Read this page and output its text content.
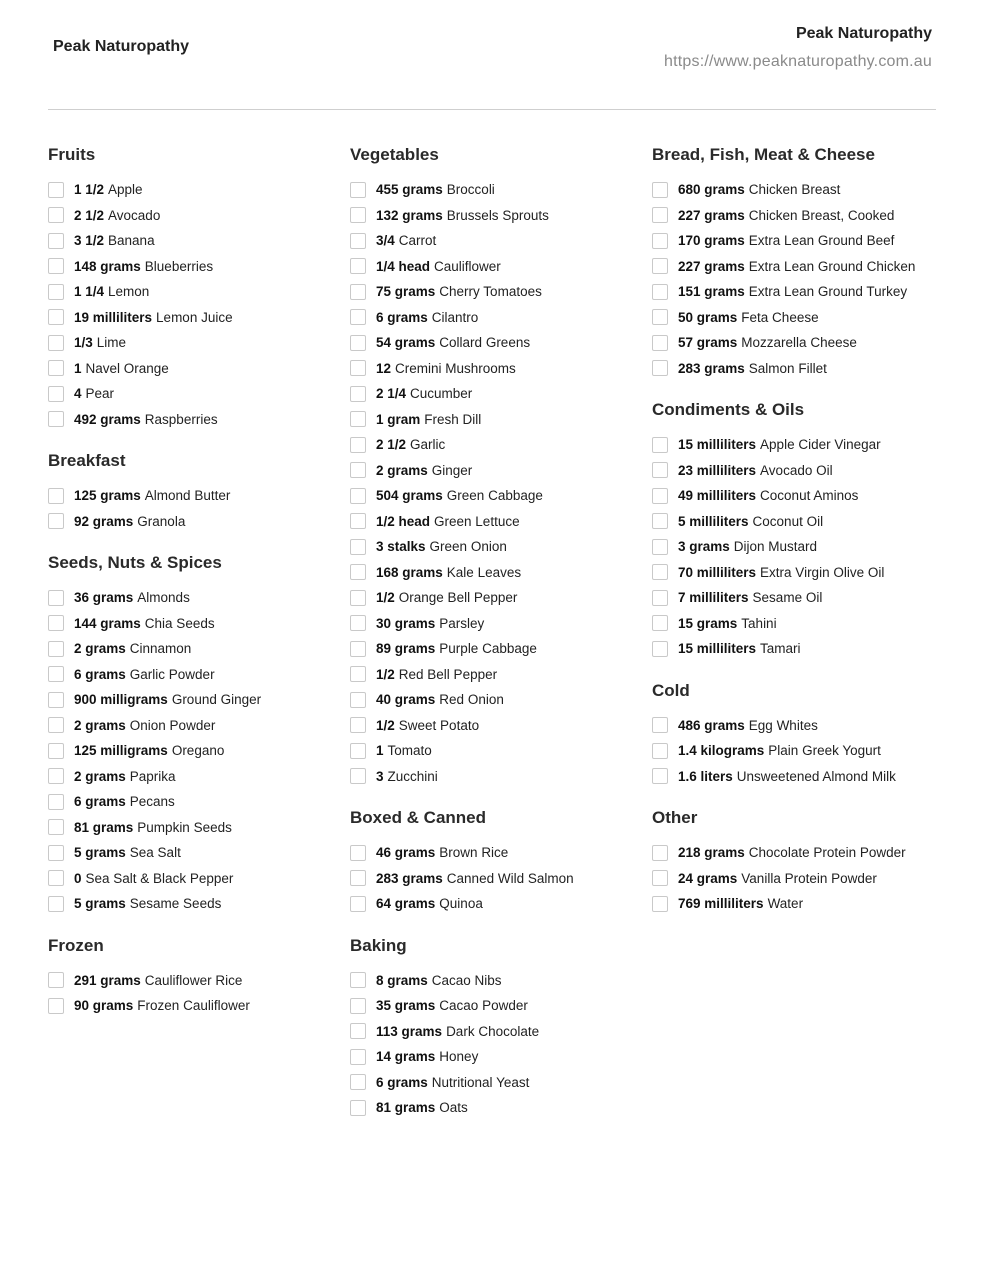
Peak Naturopathy
Peak Naturopathy
https://www.peaknaturopathy.com.au
Fruits
1 1/2 Apple
2 1/2 Avocado
3 1/2 Banana
148 grams Blueberries
1 1/4 Lemon
19 milliliters Lemon Juice
1/3 Lime
1 Navel Orange
4 Pear
492 grams Raspberries
Breakfast
125 grams Almond Butter
92 grams Granola
Seeds, Nuts & Spices
36 grams Almonds
144 grams Chia Seeds
2 grams Cinnamon
6 grams Garlic Powder
900 milligrams Ground Ginger
2 grams Onion Powder
125 milligrams Oregano
2 grams Paprika
6 grams Pecans
81 grams Pumpkin Seeds
5 grams Sea Salt
0 Sea Salt & Black Pepper
5 grams Sesame Seeds
Frozen
291 grams Cauliflower Rice
90 grams Frozen Cauliflower
Vegetables
455 grams Broccoli
132 grams Brussels Sprouts
3/4 Carrot
1/4 head Cauliflower
75 grams Cherry Tomatoes
6 grams Cilantro
54 grams Collard Greens
12 Cremini Mushrooms
2 1/4 Cucumber
1 gram Fresh Dill
2 1/2 Garlic
2 grams Ginger
504 grams Green Cabbage
1/2 head Green Lettuce
3 stalks Green Onion
168 grams Kale Leaves
1/2 Orange Bell Pepper
30 grams Parsley
89 grams Purple Cabbage
1/2 Red Bell Pepper
40 grams Red Onion
1/2 Sweet Potato
1 Tomato
3 Zucchini
Boxed & Canned
46 grams Brown Rice
283 grams Canned Wild Salmon
64 grams Quinoa
Baking
8 grams Cacao Nibs
35 grams Cacao Powder
113 grams Dark Chocolate
14 grams Honey
6 grams Nutritional Yeast
81 grams Oats
Bread, Fish, Meat & Cheese
680 grams Chicken Breast
227 grams Chicken Breast, Cooked
170 grams Extra Lean Ground Beef
227 grams Extra Lean Ground Chicken
151 grams Extra Lean Ground Turkey
50 grams Feta Cheese
57 grams Mozzarella Cheese
283 grams Salmon Fillet
Condiments & Oils
15 milliliters Apple Cider Vinegar
23 milliliters Avocado Oil
49 milliliters Coconut Aminos
5 milliliters Coconut Oil
3 grams Dijon Mustard
70 milliliters Extra Virgin Olive Oil
7 milliliters Sesame Oil
15 grams Tahini
15 milliliters Tamari
Cold
486 grams Egg Whites
1.4 kilograms Plain Greek Yogurt
1.6 liters Unsweetened Almond Milk
Other
218 grams Chocolate Protein Powder
24 grams Vanilla Protein Powder
769 milliliters Water
